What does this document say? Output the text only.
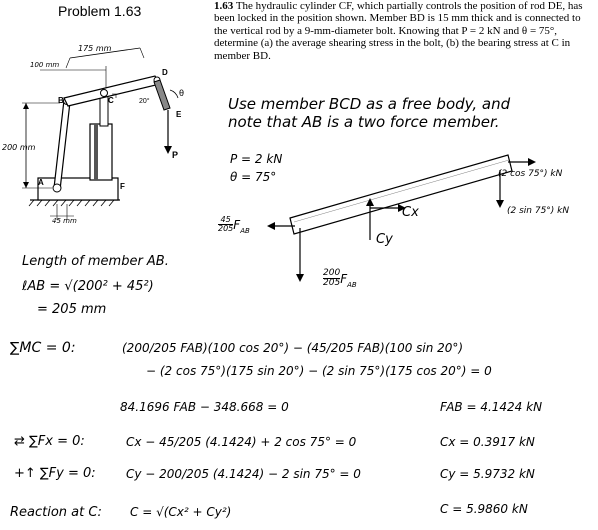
Problem 1.63	1.63 The hydraulic cylinder CF, which partially controls the position of rod DE, has been locked in the position shown. Member BD is 15 mm thick and is connected to the vertical rod by a 9-mm-diameter bolt. Knowing that P = 2 kN and θ = 75°, determine (a) the average shearing stress in the bolt, (b) the bearing stress at C in member BD.
175 mm
100 mm
200 mm
45 mm
20°
θ
A
B	C
D
E
F
P
Use member BCD as a free body, and
note that AB is a two force member.
P = 2 kN
θ = 75°	(2 cos 75°) kN
(2 sin 75°) kN
$\frac{45}{205} F_{AB}$
$\frac{200}{205} F_{AB}$
Cx
Cy
Length of member AB.
ℓAB = √(200² + 45²)
= 205 mm
∑MC = 0:	(200/205 FAB)(100 cos 20°) − (45/205 FAB)(100 sin 20°)
− (2 cos 75°)(175 sin 20°) − (2 sin 75°)(175 cos 20°) = 0
84.1696 FAB − 348.668 = 0	FAB = 4.1424 kN
⇄ ∑Fx = 0:	Cx − 45/205 (4.1424) + 2 cos 75° = 0	Cx = 0.3917 kN
+↑ ∑Fy = 0:	Cy − 200/205 (4.1424) − 2 sin 75° = 0	Cy = 5.9732 kN
Reaction at C: C = √(Cx² + Cy²)	C = 5.9860 kN
